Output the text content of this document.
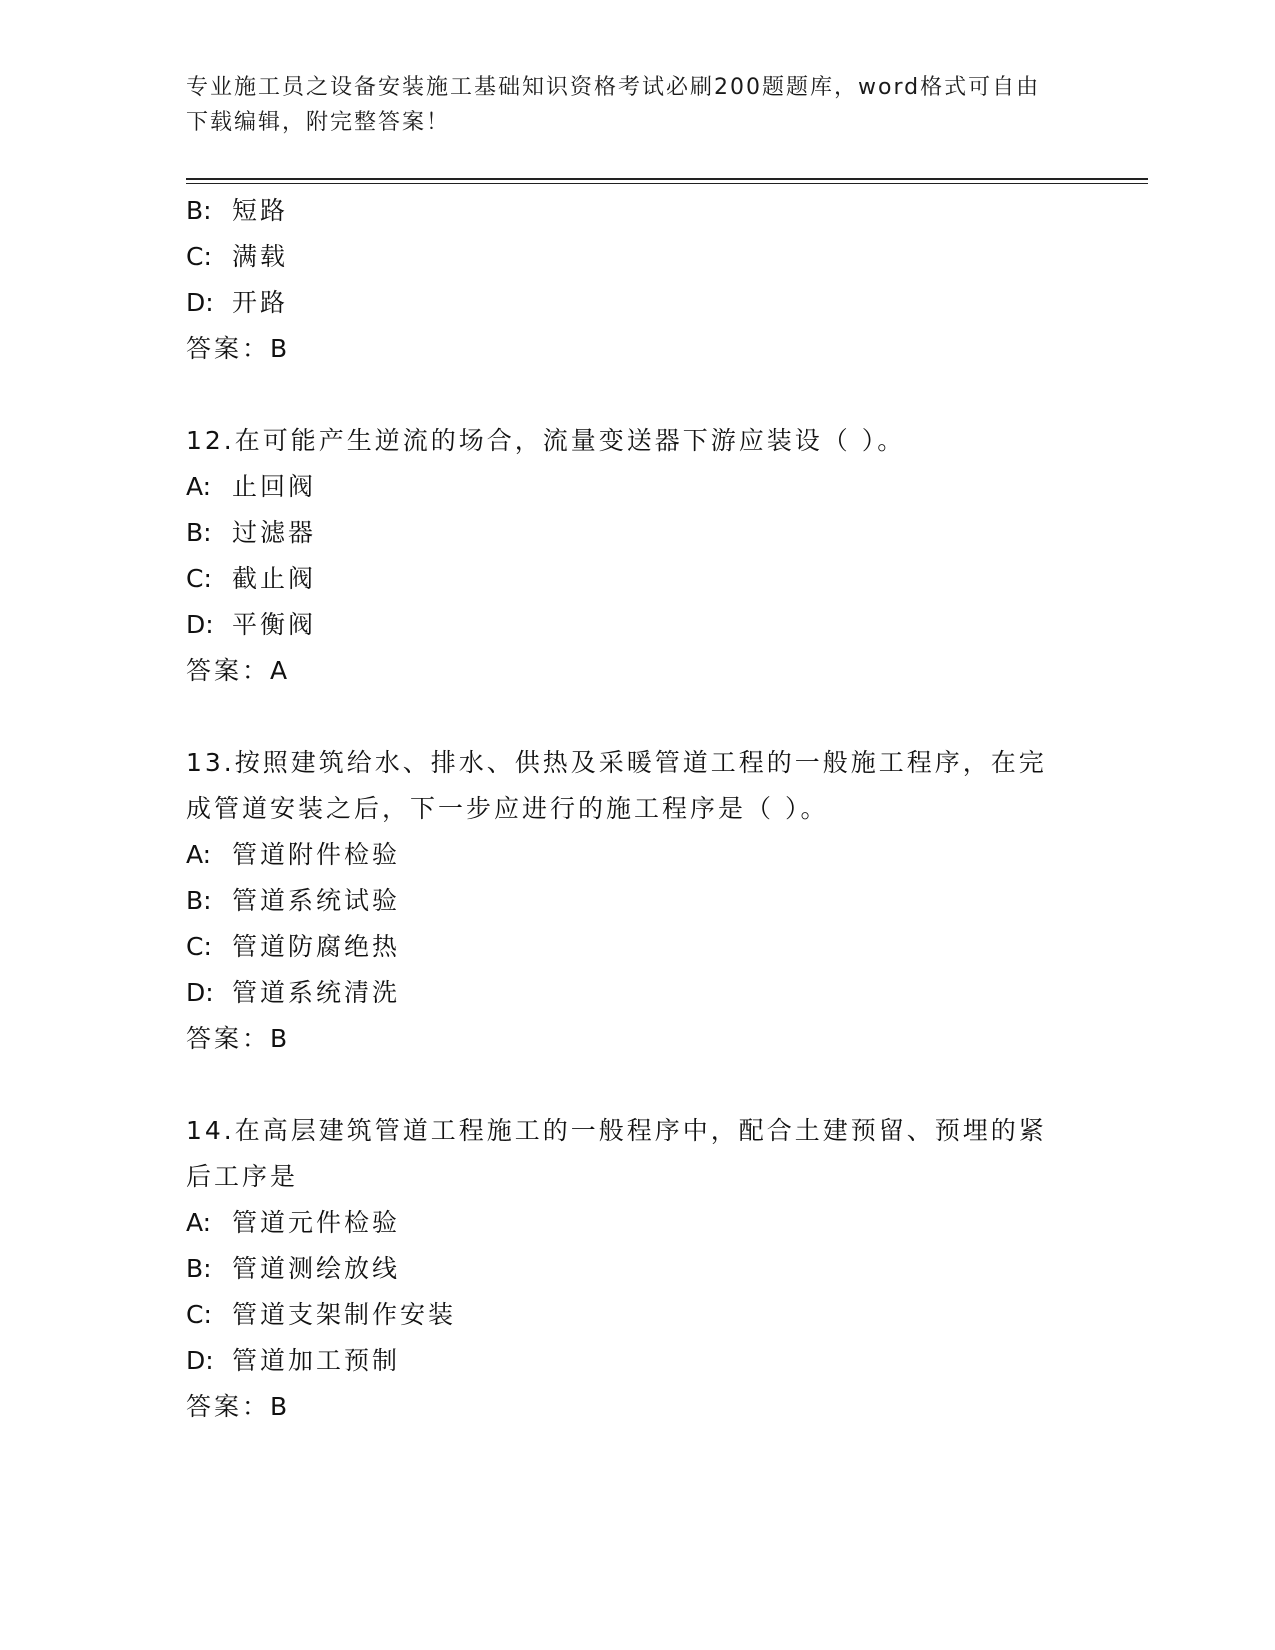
专业施工员之设备安装施工基础知识资格考试必刷200题题库，word格式可自由
下载编辑，附完整答案！
B: 短路
C: 满载
D: 开路
答案：B
12.在可能产生逆流的场合，流量变送器下游应装设（ ）。
A: 止回阀
B: 过滤器
C: 截止阀
D: 平衡阀
答案：A
13.按照建筑给水、排水、供热及采暖管道工程的一般施工程序，在完
成管道安装之后，下一步应进行的施工程序是（ ）。
A: 管道附件检验
B: 管道系统试验
C: 管道防腐绝热
D: 管道系统清洗
答案：B
14.在高层建筑管道工程施工的一般程序中，配合土建预留、预埋的紧
后工序是
A: 管道元件检验
B: 管道测绘放线
C: 管道支架制作安装
D: 管道加工预制
答案：B
